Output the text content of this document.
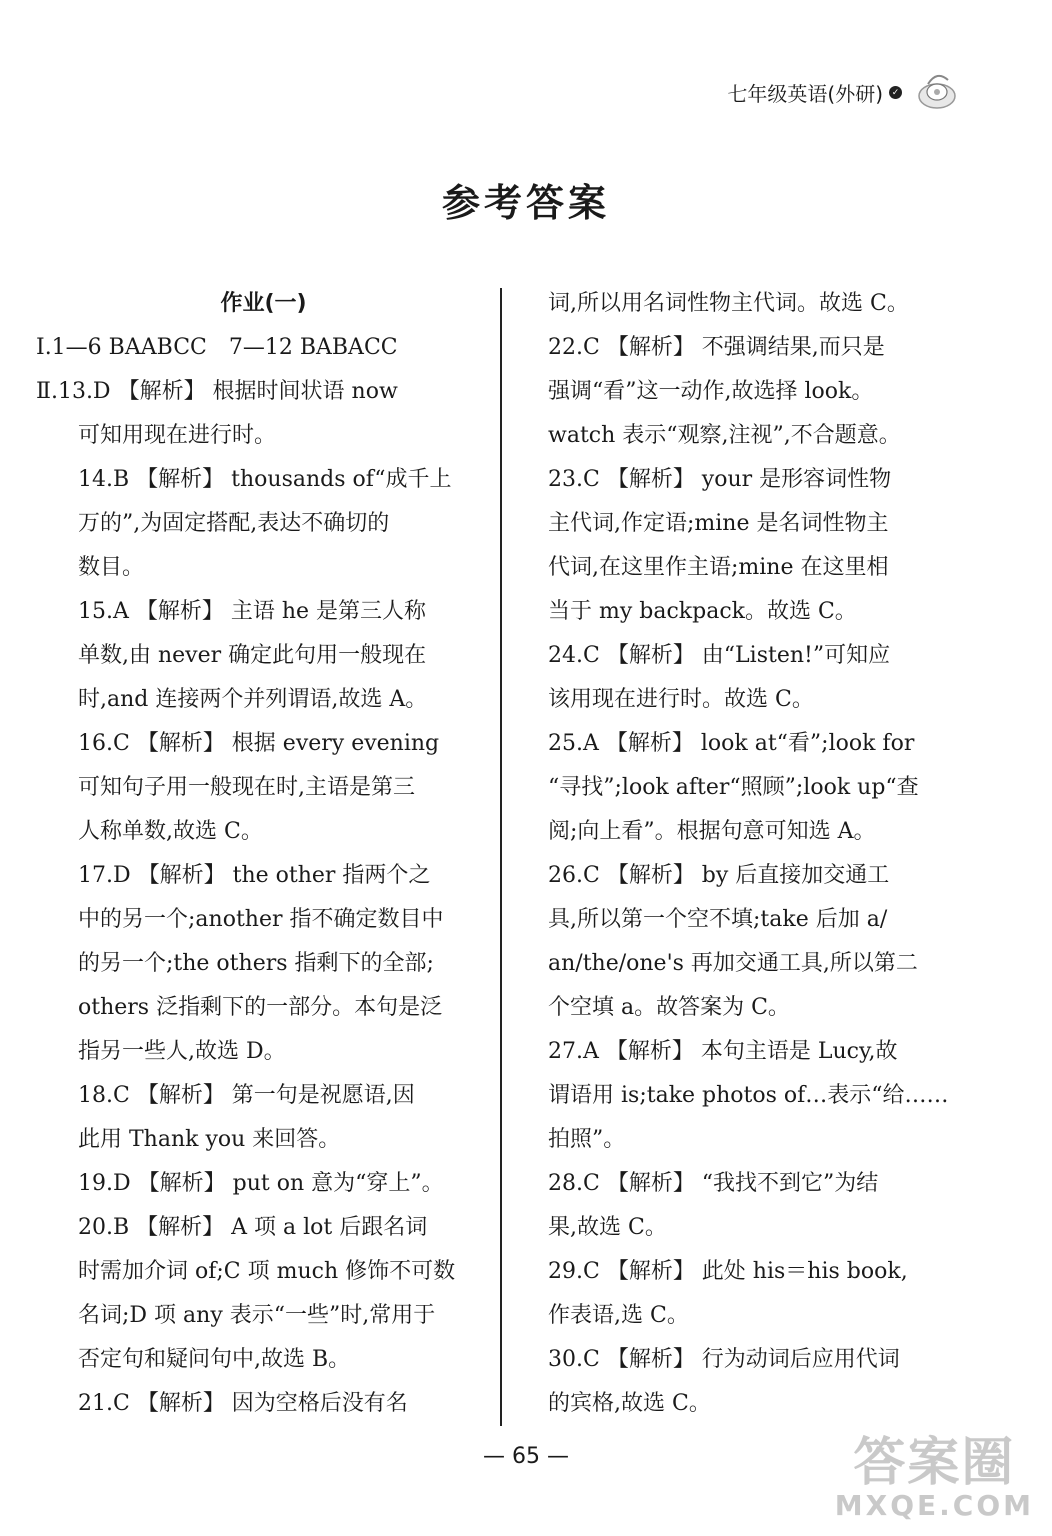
七年级英语(外研) ✓
参考答案
作业(一)
Ⅰ.1—6 BAABCC　7—12 BABACC
Ⅱ.13.D 【解析】 根据时间状语 now
可知用现在进行时。
14.B 【解析】 thousands of“成千上
万的”,为固定搭配,表达不确切的
数目。
15.A 【解析】 主语 he 是第三人称
单数,由 never 确定此句用一般现在
时,and 连接两个并列谓语,故选 A。
16.C 【解析】 根据 every evening
可知句子用一般现在时,主语是第三
人称单数,故选 C。
17.D 【解析】 the other 指两个之
中的另一个;another 指不确定数目中
的另一个;the others 指剩下的全部;
others 泛指剩下的一部分。本句是泛
指另一些人,故选 D。
18.C 【解析】 第一句是祝愿语,因
此用 Thank you 来回答。
19.D 【解析】 put on 意为“穿上”。
20.B 【解析】 A 项 a lot 后跟名词
时需加介词 of;C 项 much 修饰不可数
名词;D 项 any 表示“一些”时,常用于
否定句和疑问句中,故选 B。
21.C 【解析】 因为空格后没有名
词,所以用名词性物主代词。故选 C。
22.C 【解析】 不强调结果,而只是
强调“看”这一动作,故选择 look。
watch 表示“观察,注视”,不合题意。
23.C 【解析】 your 是形容词性物
主代词,作定语;mine 是名词性物主
代词,在这里作主语;mine 在这里相
当于 my backpack。故选 C。
24.C 【解析】 由“Listen!”可知应
该用现在进行时。故选 C。
25.A 【解析】 look at“看”;look for
“寻找”;look after“照顾”;look up“查
阅;向上看”。根据句意可知选 A。
26.C 【解析】 by 后直接加交通工
具,所以第一个空不填;take 后加 a/
an/the/one's 再加交通工具,所以第二
个空填 a。故答案为 C。
27.A 【解析】 本句主语是 Lucy,故
谓语用 is;take photos of…表示“给……
拍照”。
28.C 【解析】 “我找不到它”为结
果,故选 C。
29.C 【解析】 此处 his＝his book,
作表语,选 C。
30.C 【解析】 行为动词后应用代词
的宾格,故选 C。
— 65 —	答案圈
MXQE.COM
